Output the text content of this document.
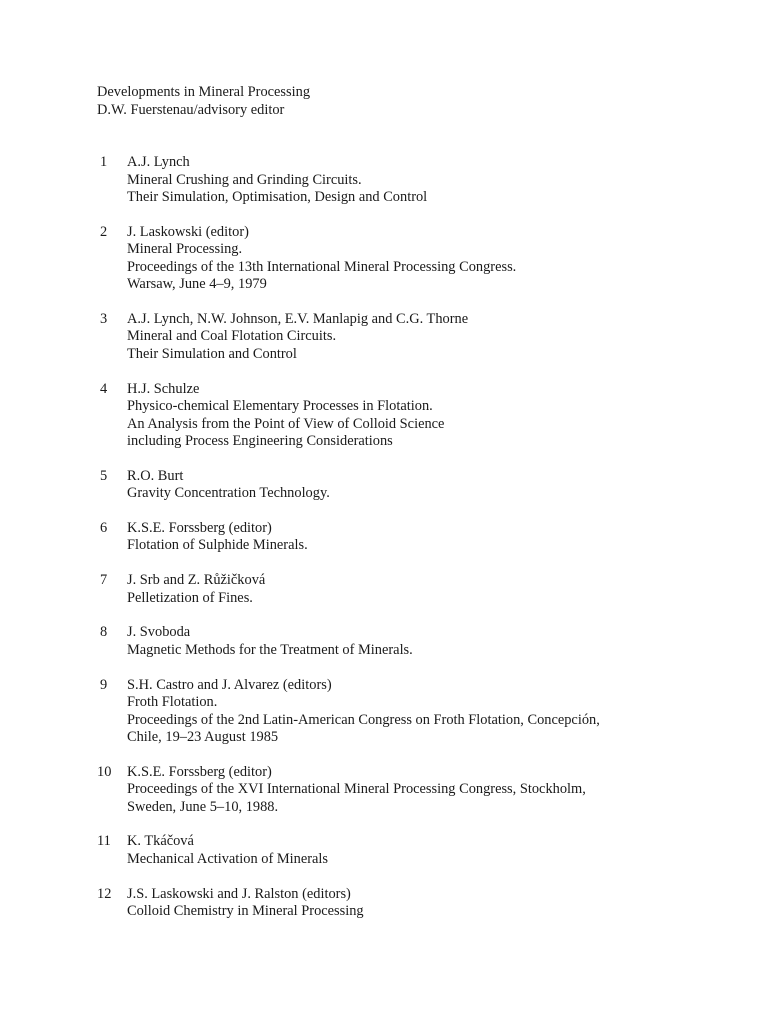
Developments in Mineral Processing
D.W. Fuerstenau/advisory editor
1	A.J. Lynch
Mineral Crushing and Grinding Circuits.
Their Simulation, Optimisation, Design and Control
2	J. Laskowski (editor)
Mineral Processing.
Proceedings of the 13th International Mineral Processing Congress.
Warsaw, June 4–9, 1979
3	A.J. Lynch, N.W. Johnson, E.V. Manlapig and C.G. Thorne
Mineral and Coal Flotation Circuits.
Their Simulation and Control
4	H.J. Schulze
Physico-chemical Elementary Processes in Flotation.
An Analysis from the Point of View of Colloid Science
including Process Engineering Considerations
5	R.O. Burt
Gravity Concentration Technology.
6	K.S.E. Forssberg (editor)
Flotation of Sulphide Minerals.
7	J. Srb and Z. Růžičková
Pelletization of Fines.
8	J. Svoboda
Magnetic Methods for the Treatment of Minerals.
9	S.H. Castro and J. Alvarez (editors)
Froth Flotation.
Proceedings of the 2nd Latin-American Congress on Froth Flotation, Concepción,
Chile, 19–23 August 1985
10	K.S.E. Forssberg (editor)
Proceedings of the XVI International Mineral Processing Congress, Stockholm,
Sweden, June 5–10, 1988.
11	K. Tkáčová
Mechanical Activation of Minerals
12	J.S. Laskowski and J. Ralston (editors)
Colloid Chemistry in Mineral Processing
